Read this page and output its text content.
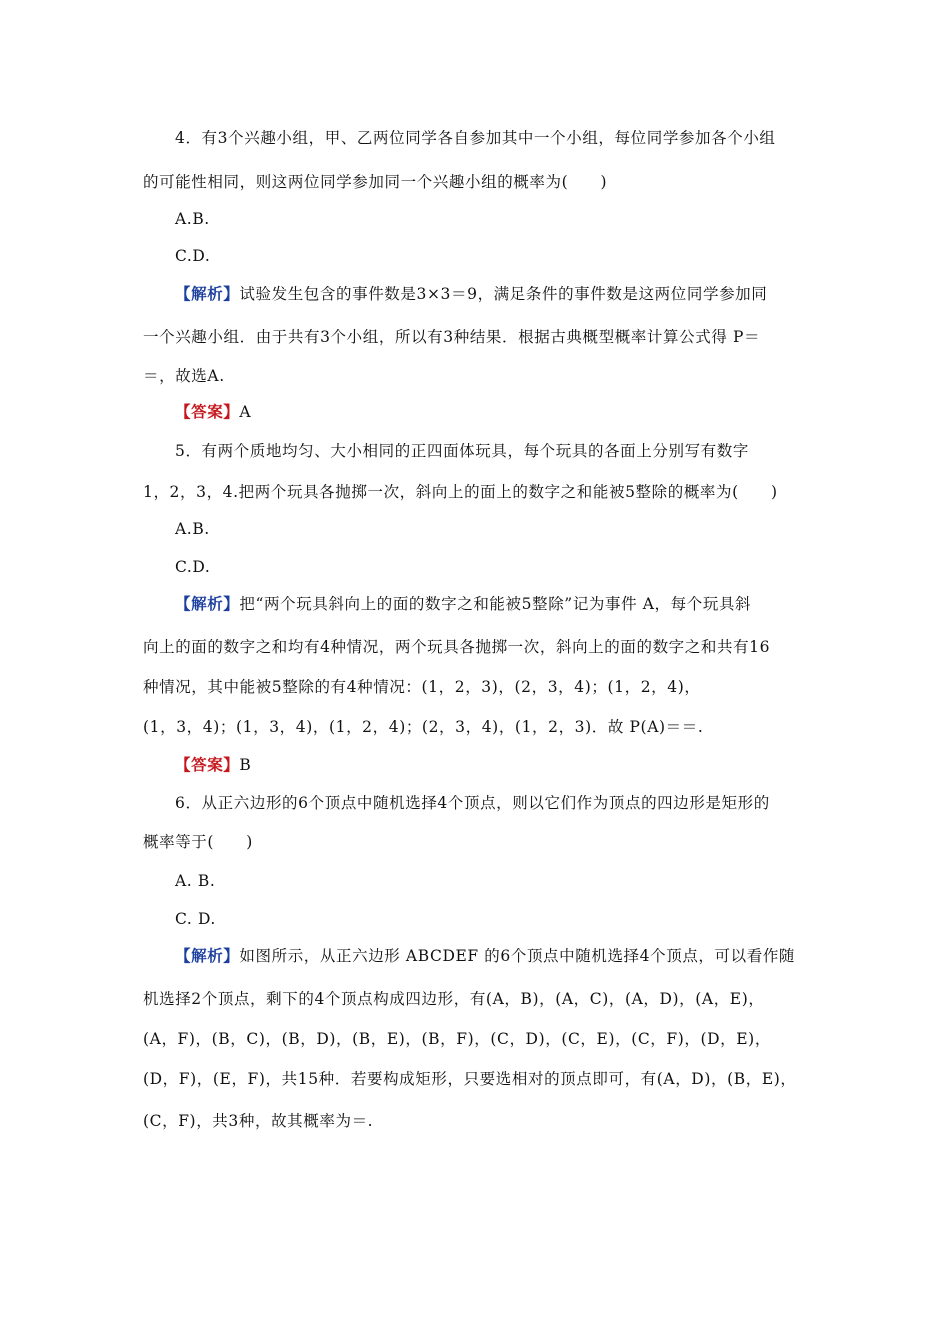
4．有3个兴趣小组，甲、乙两位同学各自参加其中一个小组，每位同学参加各个小组
的可能性相同，则这两位同学参加同一个兴趣小组的概率为(　　)
A.B.
C.D.
【解析】试验发生包含的事件数是3×3＝9，满足条件的事件数是这两位同学参加同
一个兴趣小组．由于共有3个小组，所以有3种结果．根据古典概型概率计算公式得 P＝
＝，故选A.
【答案】A
5．有两个质地均匀、大小相同的正四面体玩具，每个玩具的各面上分别写有数字
1，2，3，4.把两个玩具各抛掷一次，斜向上的面上的数字之和能被5整除的概率为(　　)
A.B.
C.D.
【解析】把“两个玩具斜向上的面的数字之和能被5整除”记为事件 A，每个玩具斜
向上的面的数字之和均有4种情况，两个玩具各抛掷一次，斜向上的面的数字之和共有16
种情况，其中能被5整除的有4种情况：(1，2，3)，(2，3，4)；(1，2，4)，
(1，3，4)；(1，3，4)，(1，2，4)；(2，3，4)，(1，2，3)．故 P(A)＝＝.
【答案】B
6．从正六边形的6个顶点中随机选择4个顶点，则以它们作为顶点的四边形是矩形的
概率等于(　　)
A. B.
C. D.
【解析】如图所示，从正六边形 ABCDEF 的6个顶点中随机选择4个顶点，可以看作随
机选择2个顶点，剩下的4个顶点构成四边形，有(A，B)，(A，C)，(A，D)，(A，E)，
(A，F)，(B，C)，(B，D)，(B，E)，(B，F)，(C，D)，(C，E)，(C，F)，(D，E)，
(D，F)，(E，F)，共15种．若要构成矩形，只要选相对的顶点即可，有(A，D)，(B，E)，
(C，F)，共3种，故其概率为＝.
